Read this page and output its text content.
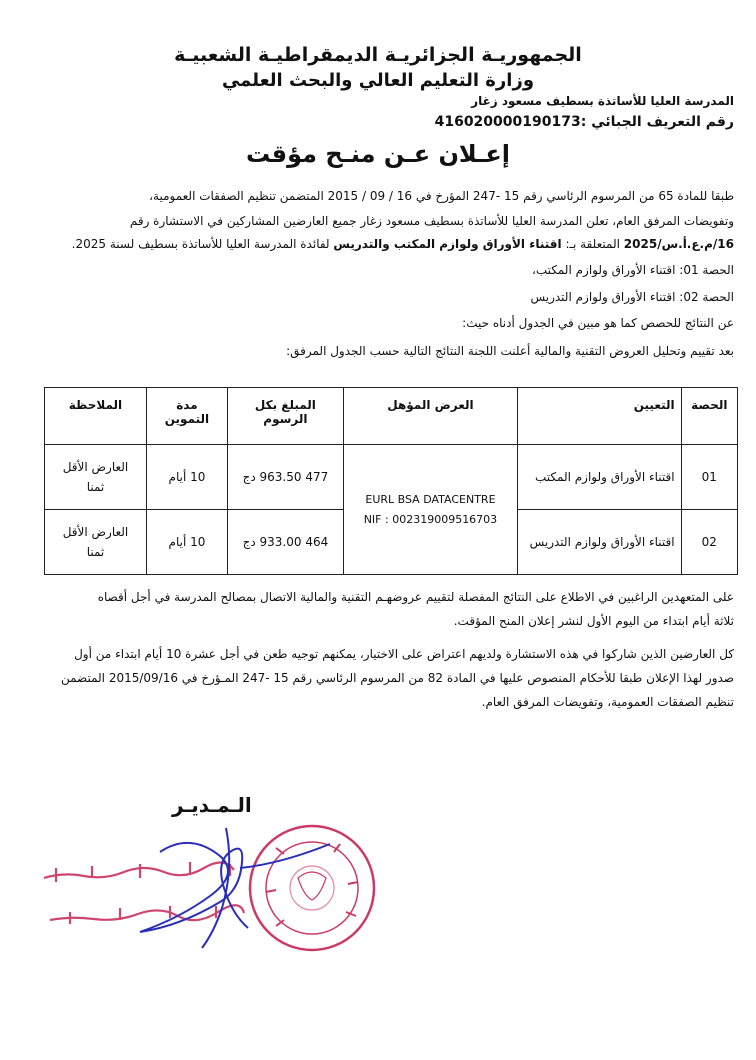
الجمهوريـة الجزائريـة الديمقراطيـة الشعبيـة
وزارة التعليم العالي والبحث العلمي
المدرسة العليا للأساتذة بسطيف مسعود زغار
رقم التعريف الجبائي :416020000190173
إعـلان عـن منـح مؤقت
طبقا للمادة 65 من المرسوم الرئاسي رقم 15 -247 المؤرخ في 16 / 09 / 2015 المتضمن تنظيم الصفقات العمومية،
وتفويضات المرفق العام، تعلن المدرسة العليا للأساتذة بسطيف مسعود زغار جميع العارضين المشاركين في الاستشارة رقم
16/م.ع.أ.س/2025 المتعلقة بـ: اقتناء الأوراق ولوازم المكتب والتدريس لفائدة المدرسة العليا للأساتذة بسطيف لسنة 2025.
الحصة 01: اقتناء الأوراق ولوازم المكتب،
الحصة 02: اقتناء الأوراق ولوازم التدريس
عن النتائج للحصص كما هو مبين في الجدول أدناه حيث:
بعد تقييم وتحليل العروض التقنية والمالية أعلنت اللجنة النتائج التالية حسب الجدول المرفق:
الحصة	التعيين	العرض المؤهل	المبلغ بكل الرسوم	مدة التموين	الملاحظة
01	اقتناء الأوراق ولوازم المكتب	EURL BSA DATACENTRE
NIF : 002319009516703	477 963.50 دج	10 أيام	العارض الأقل
ثمنا

02	اقتناء الأوراق ولوازم التدريس		464 933.00 دج	10 أيام	العارض الأقل
ثمنا
على المتعهدين الراغبين في الاطلاع على النتائج المفصلة لتقييم عروضهـم التقنية والمالية الاتصال بمصالح المدرسة في أجل أقصاه
ثلاثة أيام ابتداء من اليوم الأول لنشر إعلان المنح المؤقت.
كل العارضين الذين شاركوا في هذه الاستشارة ولديهم اعتراض على الاختيار، يمكنهم توجيه طعن في أجل عشرة 10 أيام ابتداء من أول
صدور لهذا الإعلان طبقا للأحكام المنصوص عليها في المادة 82 من المرسوم الرئاسي رقم 15 -247 المـؤرخ في 2015/09/16 المتضمن
تنظيم الصفقات العمومية، وتفويضات المرفق العام.
الـمـديـر
